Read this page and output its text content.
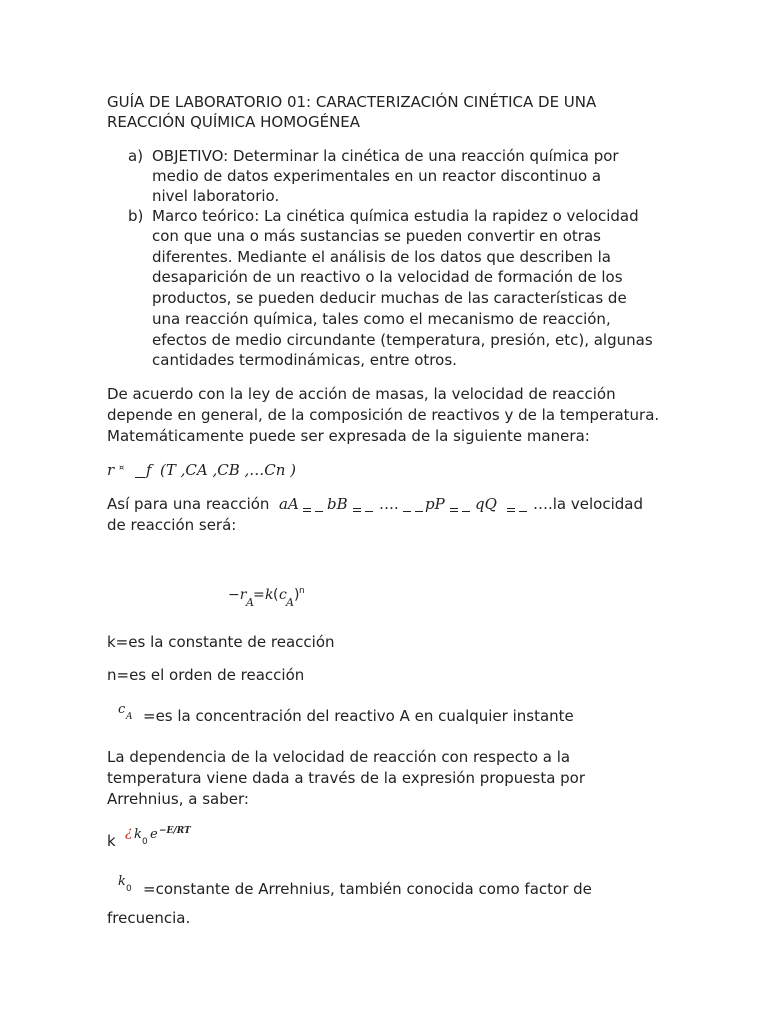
GUÍA DE LABORATORIO 01: CARACTERIZACIÓN CINÉTICA DE UNA
REACCIÓN QUÍMICA HOMOGÉNEA
a) OBJETIVO: Determinar la cinética de una reacción química por
medio de datos experimentales en un reactor discontinuo a
nivel laboratorio.
b) Marco teórico: La cinética química estudia la rapidez o velocidad
con que una o más sustancias se pueden convertir en otras
diferentes. Mediante el análisis de los datos que describen la
desaparición de un reactivo o la velocidad de formación de los
productos, se pueden deducir muchas de las características de
una reacción química, tales como el mecanismo de reacción,
efectos de medio circundante (temperatura, presión, etc), algunas
cantidades termodinámicas, entre otros.
De acuerdo con la ley de acción de masas, la velocidad de reacción
depende en general, de la composición de reactivos y de la temperatura.
Matemáticamente puede ser expresada de la siguiente manera:
r ¤ f (T ,CA ,CB ,…Cn )
Así para una reacción aA bB …. pP qQ ….la velocidad
de reacción será:
−r A = k ( c A ) n
k=es la constante de reacción
n=es el orden de reacción
c A =es la concentración del reactivo A en cualquier instante
La dependencia de la velocidad de reacción con respecto a la
temperatura viene dada a través de la expresión propuesta por
Arrehnius, a saber:
k ¿ k 0 e −E/RT
k 0 =constante de Arrehnius, también conocida como factor de
frecuencia.
